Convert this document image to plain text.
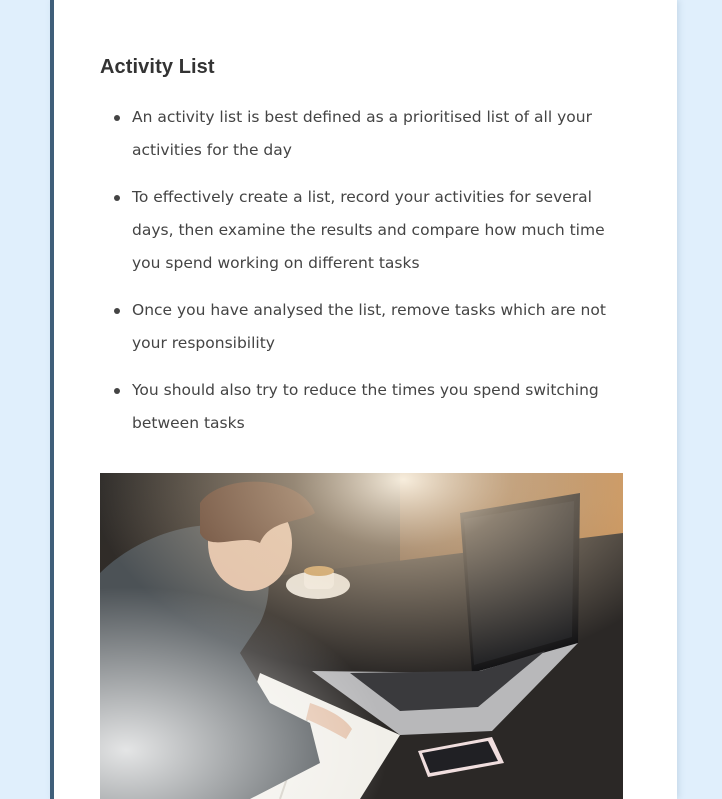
Activity List
An activity list is best defined as a prioritised list of all your activities for the day
To effectively create a list, record your activities for several days, then examine the results and compare how much time you spend working on different tasks
Once you have analysed the list, remove tasks which are not your responsibility
You should also try to reduce the times you spend switching between tasks
